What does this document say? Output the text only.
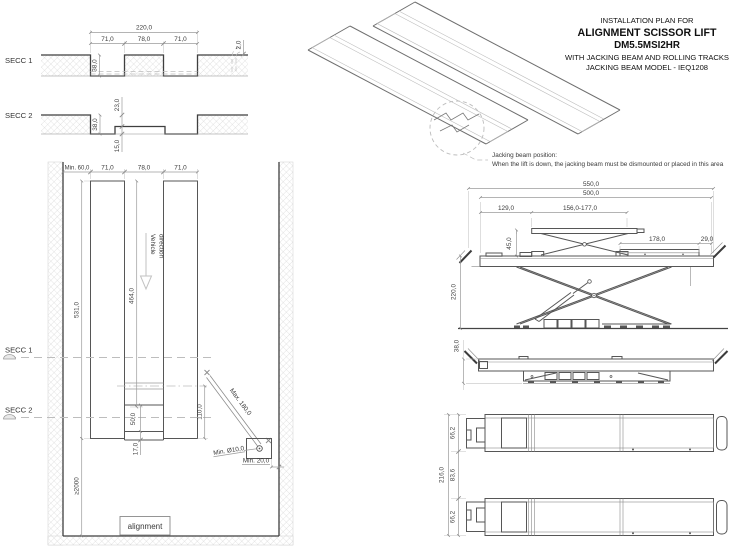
220,0
71,0	78,0	71,0
2,0
38,0
SECC 1
23,0
38,0
15,0
SECC 2
Min. 60,0 71,0	78,0	71,0
531,0
464,0
≥2000
Vehicle direction
SECC 1
SECC 2
50,0
17,0
110,0	Max. 180,0
Min. Ø10,0
Min. 20,0
alignment
Jacking beam position:
When the lift is down, the jacking beam must be dismounted or placed in this area
INSTALLATION PLAN FOR
ALIGNMENT SCISSOR LIFT
DM5.5MSI2HR
WITH JACKING BEAM AND ROLLING TRACKS
JACKING BEAM MODEL - IEQ1208
550,0
500,0
129,0	156,0-177,0
45,0	178,0	29,0
220,0
38,0
216,0
66,2
83,6
66,2
